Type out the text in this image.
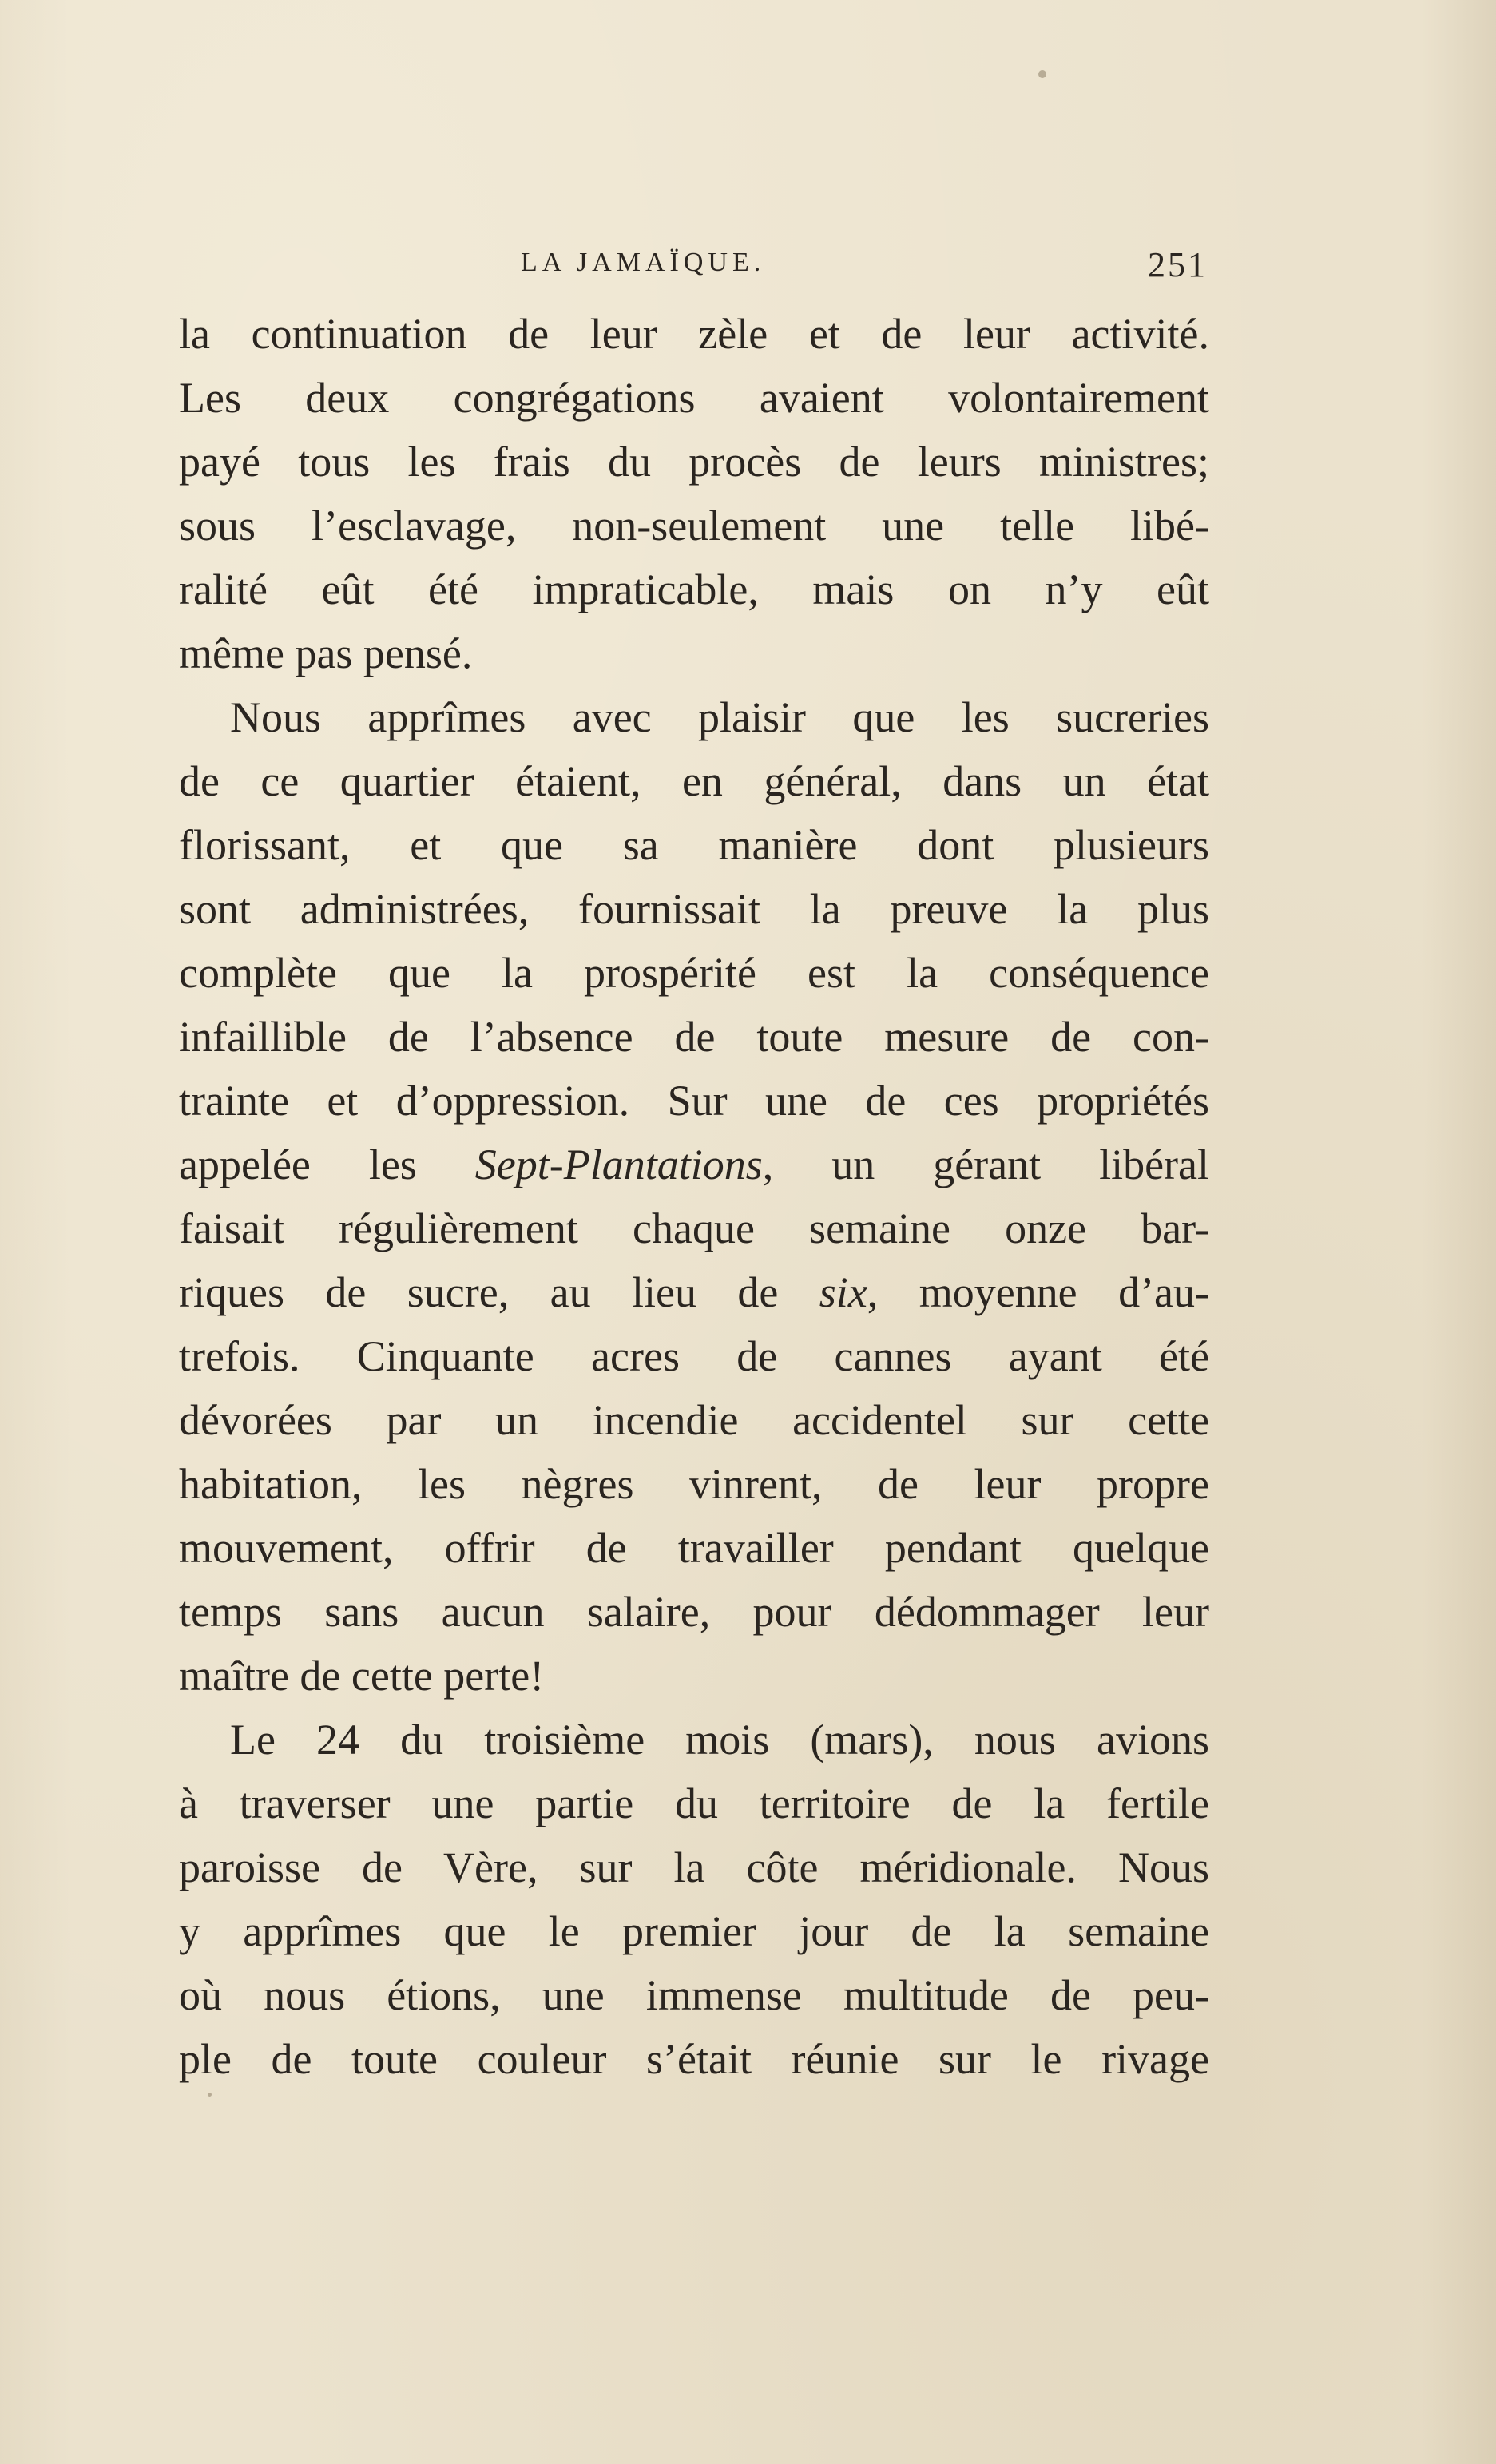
LA JAMAÏQUE.	251
la continuation de leur zèle et de leur activité.
Les deux congrégations avaient volontairement
payé tous les frais du procès de leurs ministres;
sous l’esclavage, non-seulement une telle libé-
ralité eût été impraticable, mais on n’y eût
même pas pensé.
Nous apprîmes avec plaisir que les sucreries
de ce quartier étaient, en général, dans un état
florissant, et que sa manière dont plusieurs
sont administrées, fournissait la preuve la plus
complète que la prospérité est la conséquence
infaillible de l’absence de toute mesure de con-
trainte et d’oppression. Sur une de ces propriétés
appelée les Sept-Plantations, un gérant libéral
faisait régulièrement chaque semaine onze bar-
riques de sucre, au lieu de six, moyenne d’au-
trefois. Cinquante acres de cannes ayant été
dévorées par un incendie accidentel sur cette
habitation, les nègres vinrent, de leur propre
mouvement, offrir de travailler pendant quelque
temps sans aucun salaire, pour dédommager leur
maître de cette perte!
Le 24 du troisième mois (mars), nous avions
à traverser une partie du territoire de la fertile
paroisse de Vère, sur la côte méridionale. Nous
y apprîmes que le premier jour de la semaine
où nous étions, une immense multitude de peu-
ple de toute couleur s’était réunie sur le rivage
